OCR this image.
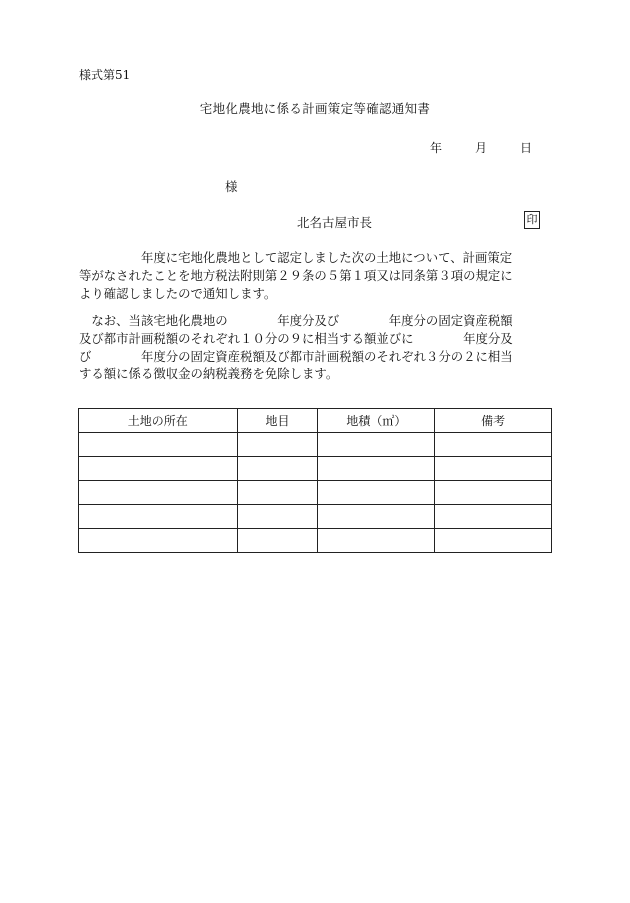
様式第51
宅地化農地に係る計画策定等確認通知書
年	月	日
様
北名古屋市長	印
　　　　　年度に宅地化農地として認定しました次の土地について、計画策定
等がなされたことを地方税法附則第２９条の５第１項又は同条第３項の規定に
より確認しましたので通知します。
　なお、当該宅地化農地の　　　　年度分及び　　　　年度分の固定資産税額
及び都市計画税額のそれぞれ１０分の９に相当する額並びに　　　　年度分及
び　　　　年度分の固定資産税額及び都市計画税額のそれぞれ３分の２に相当
する額に係る徴収金の納税義務を免除します。
土地の所在	地目	地積（㎡）	備考
